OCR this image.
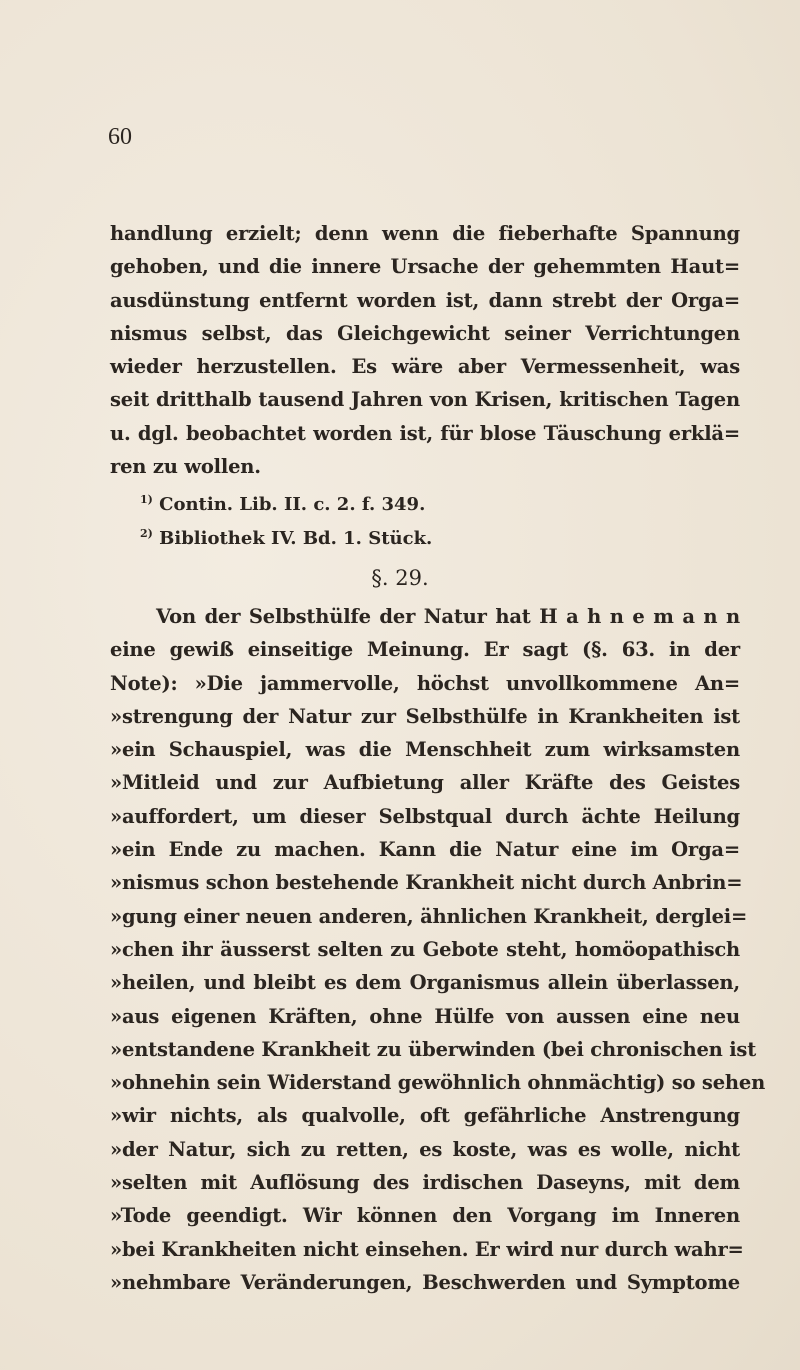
60
handlung erzielt; denn wenn die fieberhafte Spannung
gehoben, und die innere Ursache der gehemmten Haut=
ausdünstung entfernt worden ist, dann strebt der Orga=
nismus selbst, das Gleichgewicht seiner Verrichtungen
wieder herzustellen. Es wäre aber Vermessenheit, was
seit dritthalb tausend Jahren von Krisen, kritischen Tagen
u. dgl. beobachtet worden ist, für blose Täuschung erklä=
ren zu wollen.
$^{1)}$ Contin. Lib. II. c. 2. f. 349.
$^{2)}$ Bibliothek IV. Bd. 1. Stück.
§. 29.
Von der Selbsthülfe der Natur hat H a h n e m a n n
eine gewiß einseitige Meinung. Er sagt (§. 63. in der
Note): »Die jammervolle, höchst unvollkommene An=
»strengung der Natur zur Selbsthülfe in Krankheiten ist
»ein Schauspiel, was die Menschheit zum wirksamsten
»Mitleid und zur Aufbietung aller Kräfte des Geistes
»auffordert, um dieser Selbstqual durch ächte Heilung
»ein Ende zu machen. Kann die Natur eine im Orga=
»nismus schon bestehende Krankheit nicht durch Anbrin=
»gung einer neuen anderen, ähnlichen Krankheit, derglei=
»chen ihr äusserst selten zu Gebote steht, homöopathisch
»heilen, und bleibt es dem Organismus allein überlassen,
»aus eigenen Kräften, ohne Hülfe von aussen eine neu
»entstandene Krankheit zu überwinden (bei chronischen ist
»ohnehin sein Widerstand gewöhnlich ohnmächtig) so sehen
»wir nichts, als qualvolle, oft gefährliche Anstrengung
»der Natur, sich zu retten, es koste, was es wolle, nicht
»selten mit Auflösung des irdischen Daseyns, mit dem
»Tode geendigt. Wir können den Vorgang im Inneren
»bei Krankheiten nicht einsehen. Er wird nur durch wahr=
»nehmbare Veränderungen, Beschwerden und Symptome
